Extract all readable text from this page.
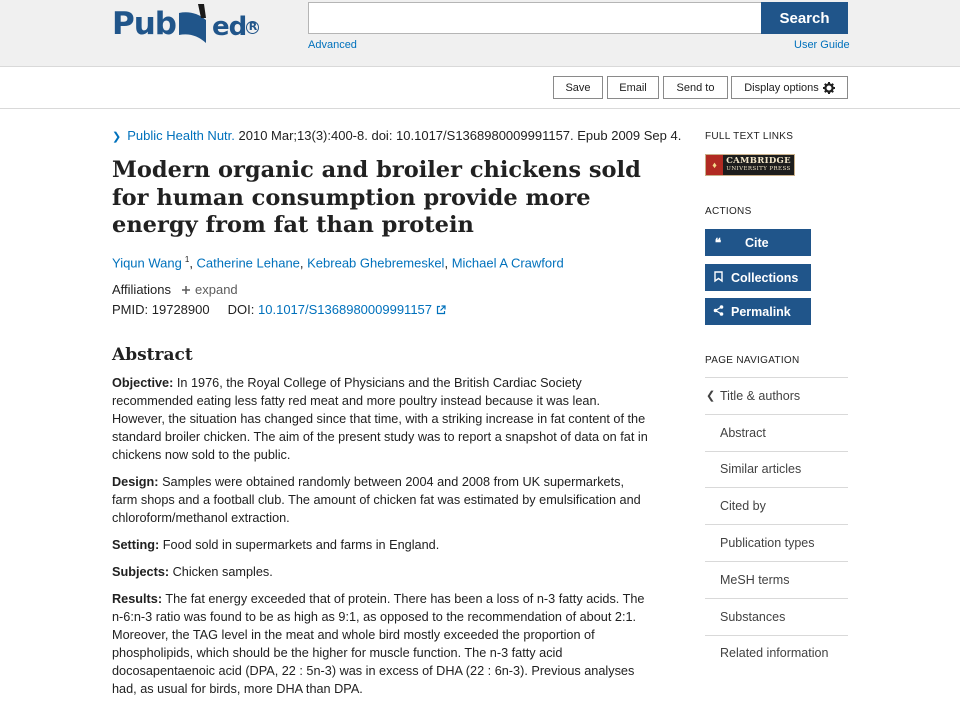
Pub ed R	Search
Advanced	User Guide
Save	Email	Send to	Display options
❯ Public Health Nutr. 2010 Mar;13(3):400-8. doi: 10.1017/S1368980009991157. Epub 2009 Sep 4.
Modern organic and broiler chickens sold for human consumption provide more energy from fat than protein
Yiqun Wang $^1$, Catherine Lehane, Kebreab Ghebremeskel, Michael A Crawford
Affiliations expand
PMID: 19728900 DOI: 10.1017/S1368980009991157
Abstract

Objective: In 1976, the Royal College of Physicians and the British Cardiac Society recommended eating less fatty red meat and more poultry instead because it was lean. However, the situation has changed since that time, with a striking increase in fat content of the standard broiler chicken. The aim of the present study was to report a snapshot of data on fat in chickens now sold to the public.

Design: Samples were obtained randomly between 2004 and 2008 from UK supermarkets, farm shops and a football club. The amount of chicken fat was estimated by emulsification and chloroform/methanol extraction.

Setting: Food sold in supermarkets and farms in England.

Subjects: Chicken samples.

Results: The fat energy exceeded that of protein. There has been a loss of n-3 fatty acids. The n-6:n-3 ratio was found to be as high as 9:1, as opposed to the recommendation of about 2:1. Moreover, the TAG level in the meat and whole bird mostly exceeded the proportion of phospholipids, which should be the higher for muscle function. The n-3 fatty acid docosapentaenoic acid (DPA, 22 : 5n-3) was in excess of DHA (22 : 6n-3). Previous analyses had, as usual for birds, more DHA than DPA.

FULL TEXT LINKS
♦	CAMBRIDGE
UNIVERSITY PRESS
ACTIONS
❝	Cite
Collections
Permalink
PAGE NAVIGATION
❮ Title & authors
Abstract
Similar articles
Cited by
Publication types
MeSH terms
Substances
Related information
